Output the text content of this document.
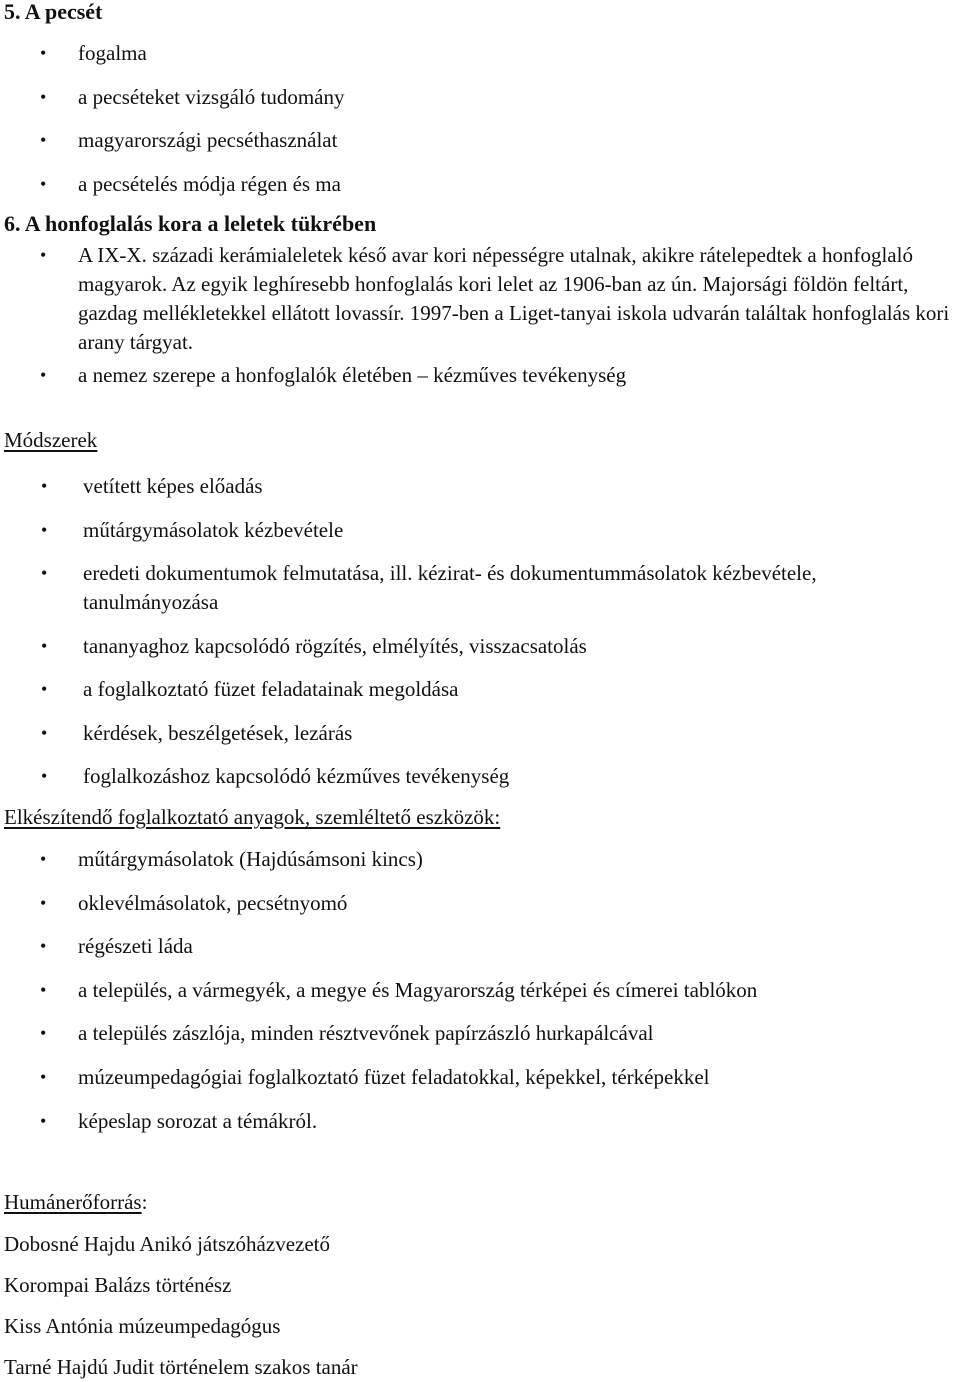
5. A pecsét
• fogalma
• a pecséteket vizsgáló tudomány
• magyarországi pecséthasználat
• a pecsételés módja régen és ma
6. A honfoglalás kora a leletek tükrében
• A IX-X. századi kerámialeletek késő avar kori népességre utalnak, akikre rátelepedtek a honfoglaló magyarok. Az egyik leghíresebb honfoglalás kori lelet az 1906-ban az ún. Majorsági földön feltárt, gazdag mellékletekkel ellátott lovassír. 1997-ben a Liget-tanyai iskola udvarán találtak honfoglalás kori arany tárgyat.
• a nemez szerepe a honfoglalók életében – kézműves tevékenység
Módszerek
• vetített képes előadás
• műtárgymásolatok kézbevétele
• eredeti dokumentumok felmutatása, ill. kézirat- és dokumentummásolatok kézbevétele, tanulmányozása
• tananyaghoz kapcsolódó rögzítés, elmélyítés, visszacsatolás
• a foglalkoztató füzet feladatainak megoldása
• kérdések, beszélgetések, lezárás
• foglalkozáshoz kapcsolódó kézműves tevékenység
Elkészítendő foglalkoztató anyagok, szemléltető eszközök:
• műtárgymásolatok (Hajdúsámsoni kincs)
• oklevélmásolatok, pecsétnyomó
• régészeti láda
• a település, a vármegyék, a megye és Magyarország térképei és címerei tablókon
• a település zászlója, minden résztvevőnek papírzászló hurkapálcával
• múzeumpedagógiai foglalkoztató füzet feladatokkal, képekkel, térképekkel
• képeslap sorozat a témákról.
Humánerőforrás:
Dobosné Hajdu Anikó játszóházvezető
Korompai Balázs történész
Kiss Antónia múzeumpedagógus
Tarné Hajdú Judit történelem szakos tanár
